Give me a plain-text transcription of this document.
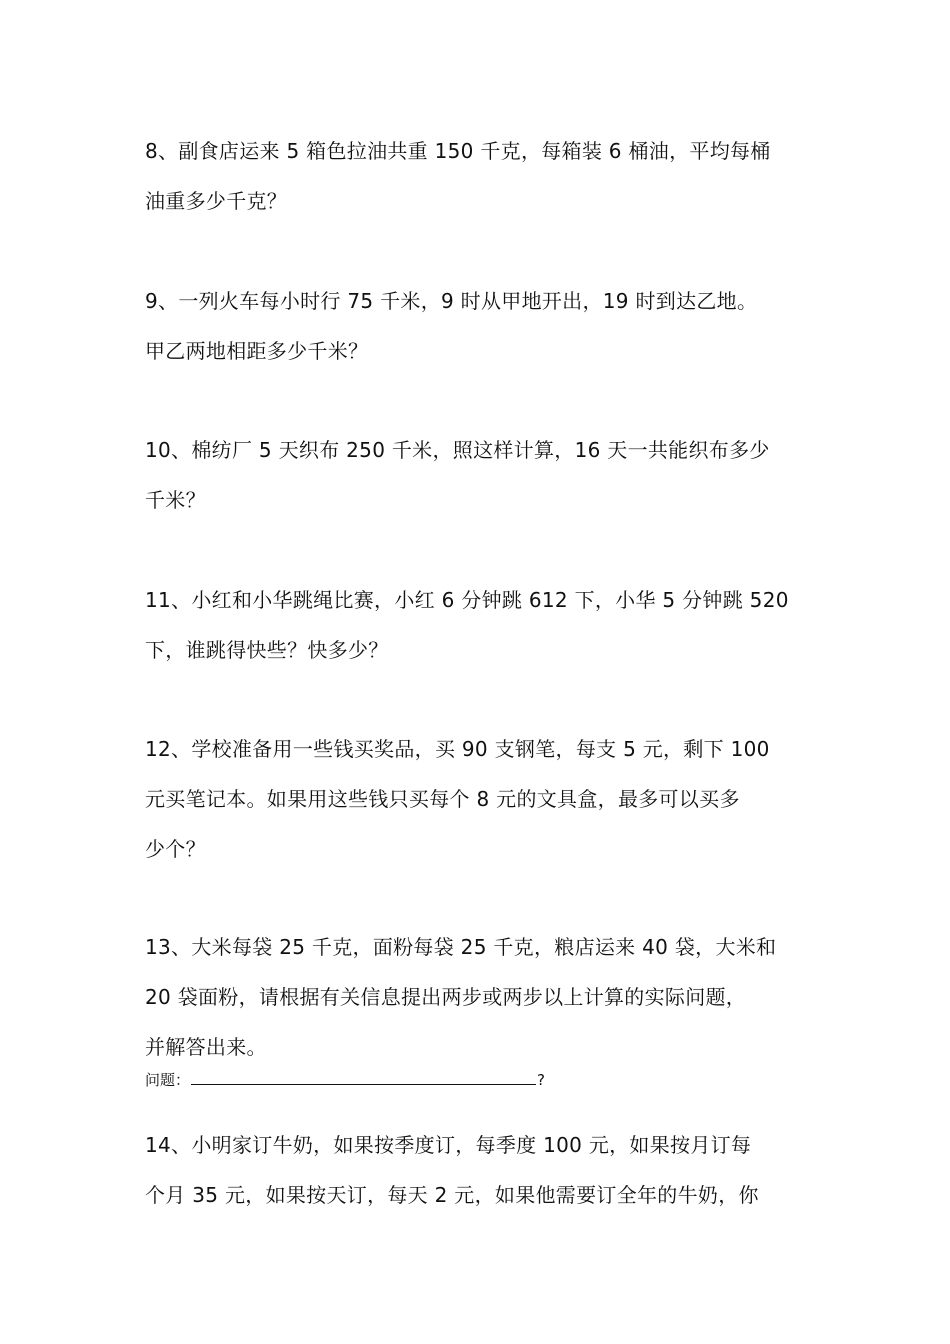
8、副食店运来 5 箱色拉油共重 150 千克，每箱装 6 桶油，平均每桶
油重多少千克？
9、一列火车每小时行 75 千米，9 时从甲地开出，19 时到达乙地。
甲乙两地相距多少千米？
10、棉纺厂 5 天织布 250 千米，照这样计算，16 天一共能织布多少
千米？
11、小红和小华跳绳比赛，小红 6 分钟跳 612 下，小华 5 分钟跳 520
下，谁跳得快些？快多少？
12、学校准备用一些钱买奖品，买 90 支钢笔，每支 5 元，剩下 100
元买笔记本。如果用这些钱只买每个 8 元的文具盒，最多可以买多
少个？
13、大米每袋 25 千克，面粉每袋 25 千克，粮店运来 40 袋，大米和
20 袋面粉，请根据有关信息提出两步或两步以上计算的实际问题，
并解答出来。
问题：	?
14、小明家订牛奶，如果按季度订，每季度 100 元，如果按月订每
个月 35 元，如果按天订，每天 2 元，如果他需要订全年的牛奶，你
